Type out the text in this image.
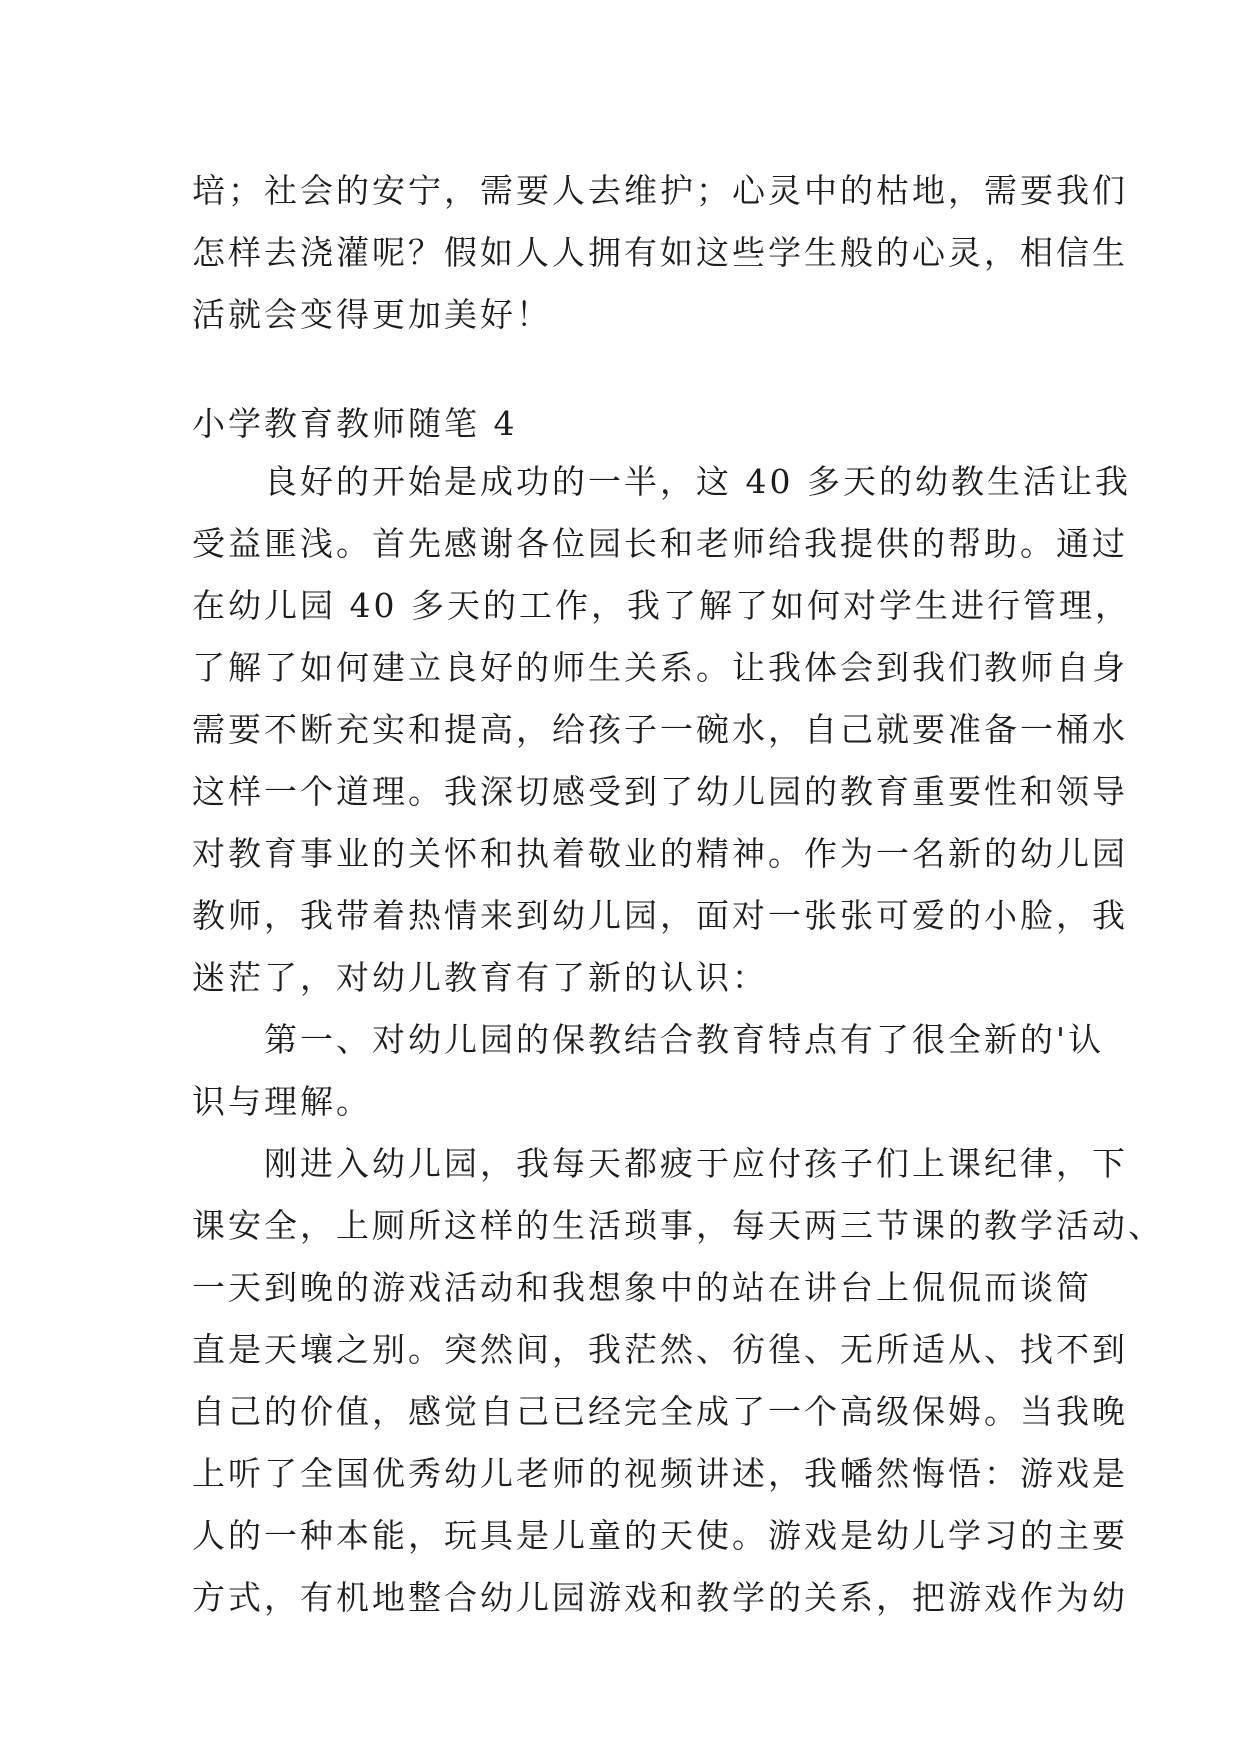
培；社会的安宁，需要人去维护；心灵中的枯地，需要我们
怎样去浇灌呢？假如人人拥有如这些学生般的心灵，相信生
活就会变得更加美好！
小学教育教师随笔 4
　　良好的开始是成功的一半，这 40 多天的幼教生活让我
受益匪浅。首先感谢各位园长和老师给我提供的帮助。通过
在幼儿园 40 多天的工作，我了解了如何对学生进行管理，
了解了如何建立良好的师生关系。让我体会到我们教师自身
需要不断充实和提高，给孩子一碗水，自己就要准备一桶水
这样一个道理。我深切感受到了幼儿园的教育重要性和领导
对教育事业的关怀和执着敬业的精神。作为一名新的幼儿园
教师，我带着热情来到幼儿园，面对一张张可爱的小脸，我
迷茫了，对幼儿教育有了新的认识：
　　第一、对幼儿园的保教结合教育特点有了很全新的'认
识与理解。
　　刚进入幼儿园，我每天都疲于应付孩子们上课纪律，下
课安全，上厕所这样的生活琐事，每天两三节课的教学活动、
一天到晚的游戏活动和我想象中的站在讲台上侃侃而谈简
直是天壤之别。突然间，我茫然、彷徨、无所适从、找不到
自己的价值，感觉自己已经完全成了一个高级保姆。当我晚
上听了全国优秀幼儿老师的视频讲述，我幡然悔悟：游戏是
人的一种本能，玩具是儿童的天使。游戏是幼儿学习的主要
方式，有机地整合幼儿园游戏和教学的关系，把游戏作为幼
